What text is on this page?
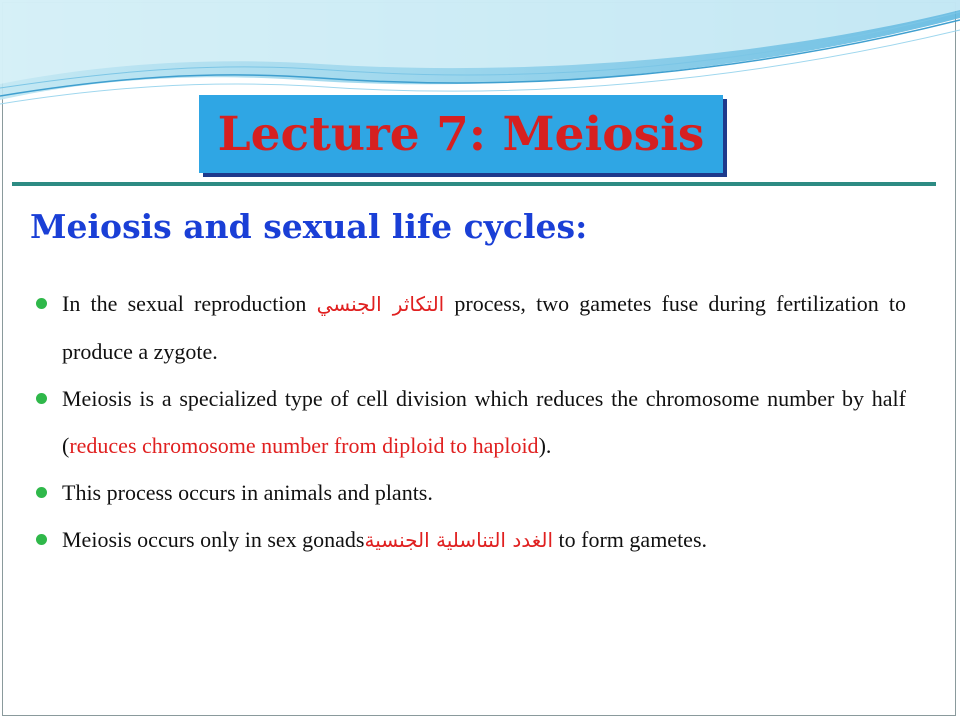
Lecture 7: Meiosis
Meiosis and sexual life cycles:
In the sexual reproduction التكاثر الجنسي process, two gametes fuse during fertilization to produce a zygote.
Meiosis is a specialized type of cell division which reduces the chromosome number by half (reduces chromosome number from diploid to haploid).
This process occurs in animals and plants.
Meiosis occurs only in sex gonadsالغدد التناسلية الجنسية to form gametes.
